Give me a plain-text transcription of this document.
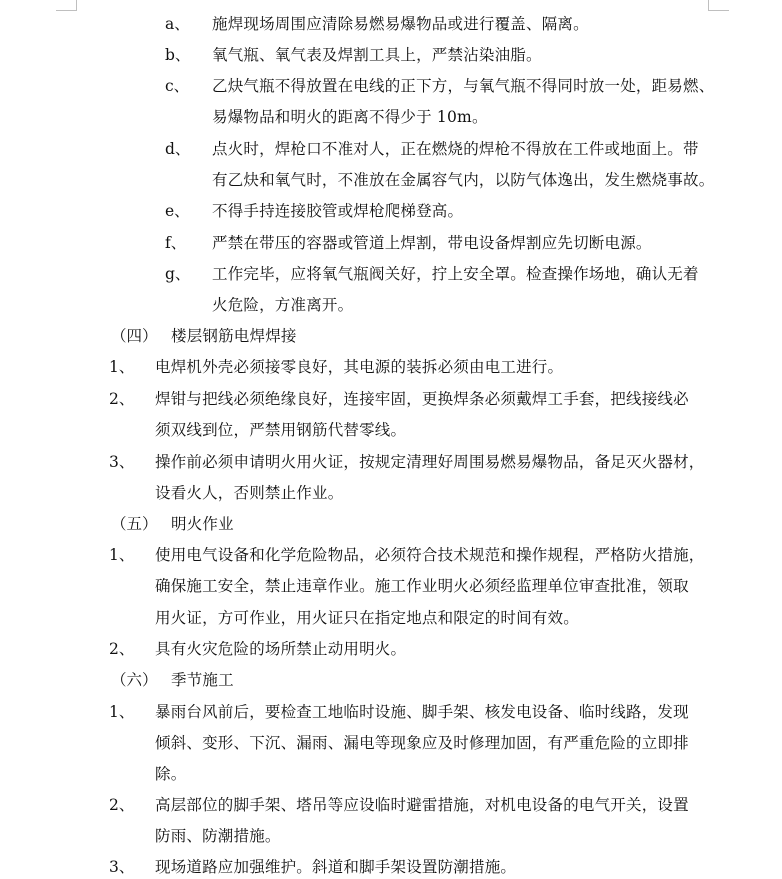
a、 施焊现场周围应清除易燃易爆物品或进行覆盖、隔离。
b、 氧气瓶、氧气表及焊割工具上，严禁沾染油脂。
c、 乙炔气瓶不得放置在电线的正下方，与氧气瓶不得同时放一处，距易燃、
易爆物品和明火的距离不得少于 10m。
d、 点火时，焊枪口不准对人，正在燃烧的焊枪不得放在工件或地面上。带
有乙炔和氧气时，不准放在金属容气内，以防气体逸出，发生燃烧事故。
e、 不得手持连接胶管或焊枪爬梯登高。
f、 严禁在带压的容器或管道上焊割，带电设备焊割应先切断电源。
g、 工作完毕，应将氧气瓶阀关好，拧上安全罩。检查操作场地，确认无着
火危险，方准离开。
（四） 楼层钢筋电焊焊接
1、 电焊机外壳必须接零良好，其电源的装拆必须由电工进行。
2、 焊钳与把线必须绝缘良好，连接牢固，更换焊条必须戴焊工手套，把线接线必
须双线到位，严禁用钢筋代替零线。
3、 操作前必须申请明火用火证，按规定清理好周围易燃易爆物品，备足灭火器材，
设看火人，否则禁止作业。
（五） 明火作业
1、 使用电气设备和化学危险物品，必须符合技术规范和操作规程，严格防火措施，
确保施工安全，禁止违章作业。施工作业明火必须经监理单位审查批准，领取
用火证，方可作业，用火证只在指定地点和限定的时间有效。
2、 具有火灾危险的场所禁止动用明火。
（六） 季节施工
1、 暴雨台风前后，要检查工地临时设施、脚手架、核发电设备、临时线路，发现
倾斜、变形、下沉、漏雨、漏电等现象应及时修理加固，有严重危险的立即排
除。
2、 高层部位的脚手架、塔吊等应设临时避雷措施，对机电设备的电气开关，设置
防雨、防潮措施。
3、 现场道路应加强维护。斜道和脚手架设置防潮措施。
